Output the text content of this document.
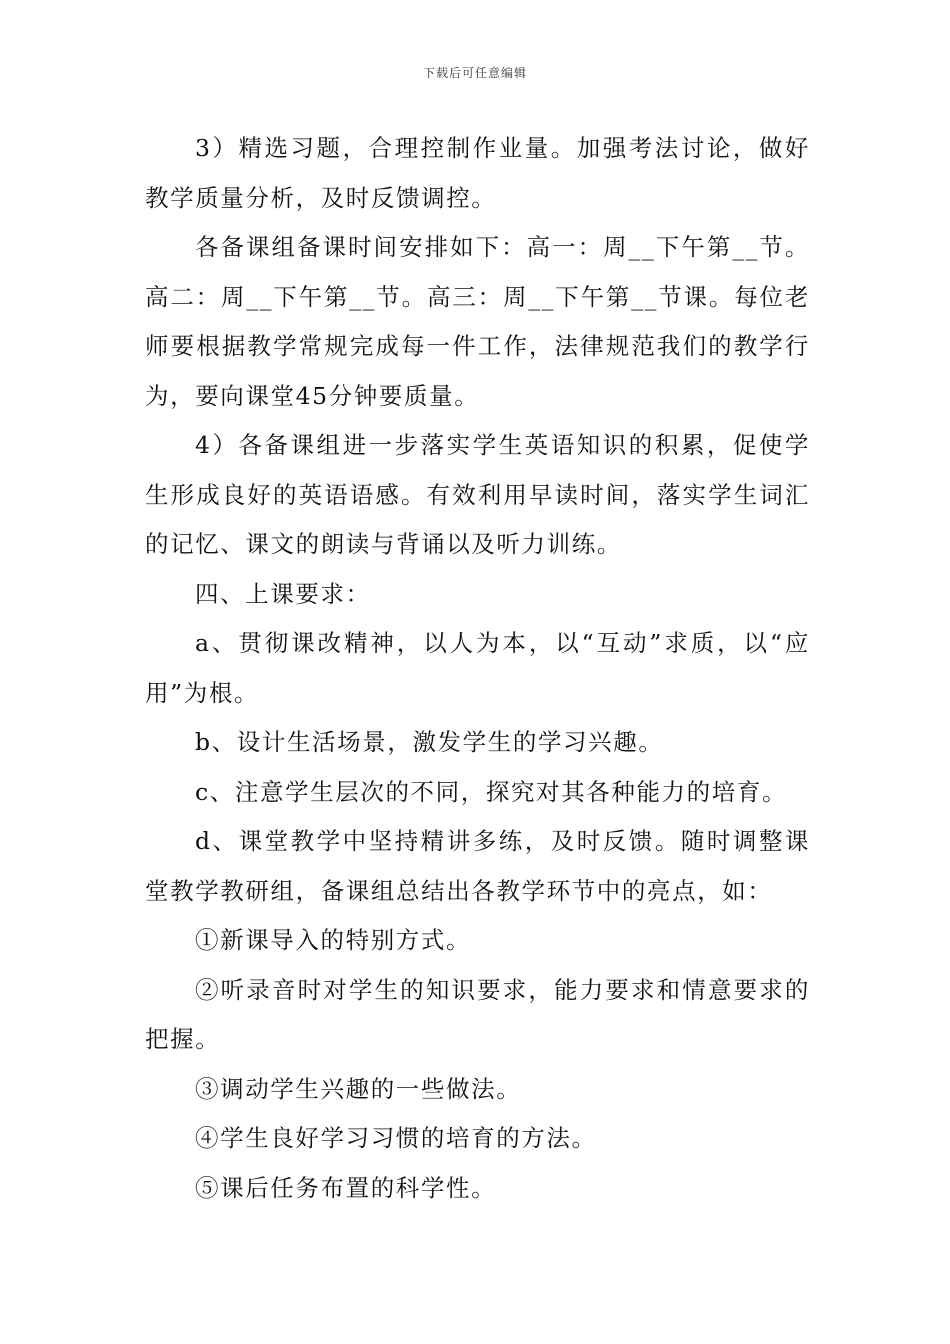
下载后可任意编辑

3）精选习题，合理控制作业量。加强考法讨论，做好教学质量分析，及时反馈调控。

各备课组备课时间安排如下：高一：周__下午第__节。高二：周__下午第__节。高三：周__下午第__节课。每位老师要根据教学常规完成每一件工作，法律规范我们的教学行为，要向课堂45分钟要质量。

4）各备课组进一步落实学生英语知识的积累，促使学生形成良好的英语语感。有效利用早读时间，落实学生词汇的记忆、课文的朗读与背诵以及听力训练。

四、上课要求：

a、贯彻课改精神，以人为本，以“互动”求质，以“应用”为根。

b、设计生活场景，激发学生的学习兴趣。

c、注意学生层次的不同，探究对其各种能力的培育。

d、课堂教学中坚持精讲多练，及时反馈。随时调整课堂教学教研组，备课组总结出各教学环节中的亮点，如：

①新课导入的特别方式。

②听录音时对学生的知识要求，能力要求和情意要求的把握。

③调动学生兴趣的一些做法。

④学生良好学习习惯的培育的方法。

⑤课后任务布置的科学性。
